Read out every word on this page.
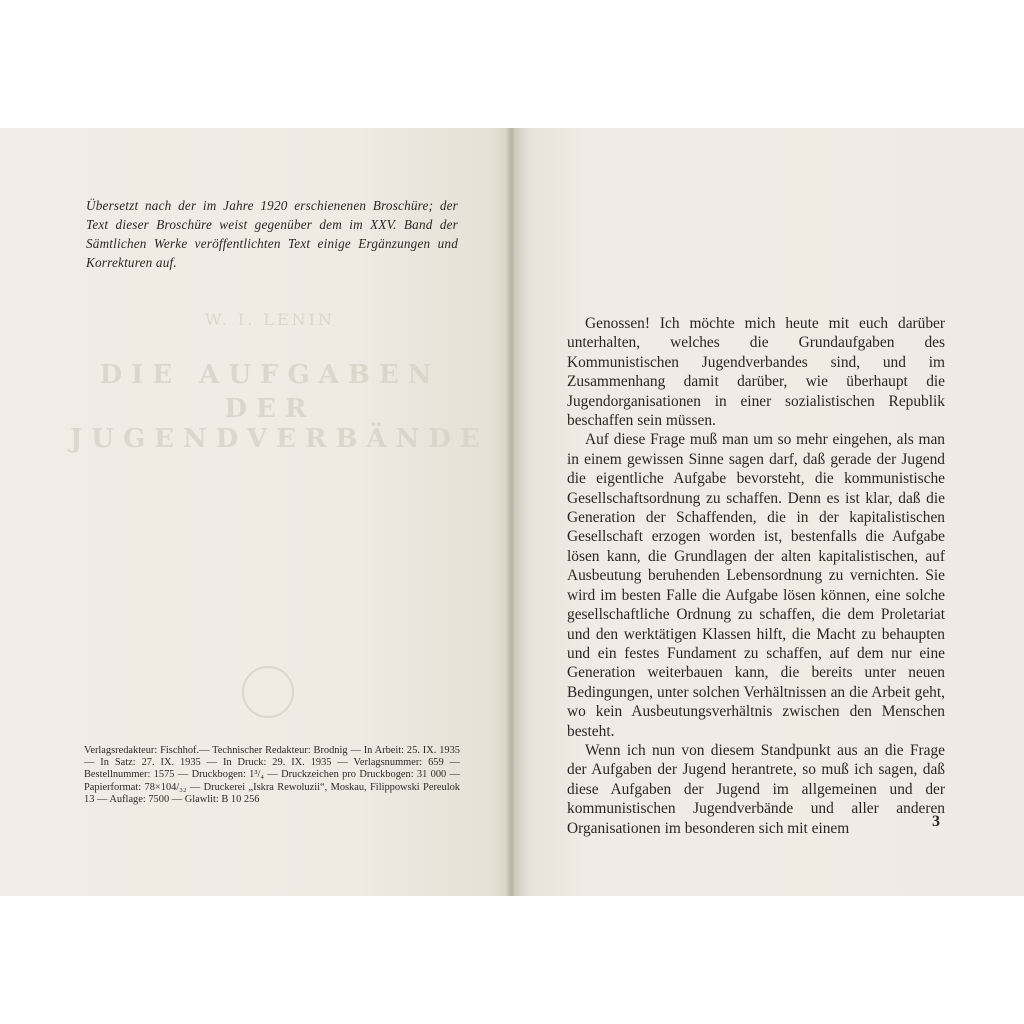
Übersetzt nach der im Jahre 1920 erschienenen Broschüre; der Text dieser Broschüre weist gegenüber dem im XXV. Band der Sämtlichen Werke veröffentlichten Text einige Ergänzungen und Korrekturen auf.
W. I. LENIN
DIE AUFGABEN
DER JUGENDVERBÄNDE
Verlagsredakteur: Fischhof.— Technischer Redakteur: Brodnig — In Arbeit: 25. IX. 1935 — In Satz: 27. IX. 1935 — In Druck: 29. IX. 1935 — Verlagsnummer: 659 — Bestellnummer: 1575 — Druckbogen: 1³/₄ — Druckzeichen pro Druckbogen: 31 000 — Papierformat: 78×104/₃₂ — Druckerei „Iskra Rewoluzii“, Moskau, Filippowski Pereulok 13 — Auflage: 7500 — Glawlit: B 10 256

Genossen! Ich möchte mich heute mit euch darüber unterhalten, welches die Grundaufgaben des Kommunistischen Jugendverbandes sind, und im Zusammenhang damit darüber, wie überhaupt die Jugendorganisationen in einer sozialistischen Republik beschaffen sein müssen.

Auf diese Frage muß man um so mehr eingehen, als man in einem gewissen Sinne sagen darf, daß gerade der Jugend die eigentliche Aufgabe bevorsteht, die kommunistische Gesellschaftsordnung zu schaffen. Denn es ist klar, daß die Generation der Schaffenden, die in der kapitalistischen Gesellschaft erzogen worden ist, bestenfalls die Aufgabe lösen kann, die Grundlagen der alten kapitalistischen, auf Ausbeutung beruhenden Lebensordnung zu vernichten. Sie wird im besten Falle die Aufgabe lösen können, eine solche gesellschaftliche Ordnung zu schaffen, die dem Proletariat und den werktätigen Klassen hilft, die Macht zu behaupten und ein festes Fundament zu schaffen, auf dem nur eine Generation weiterbauen kann, die bereits unter neuen Bedingungen, unter solchen Verhältnissen an die Arbeit geht, wo kein Ausbeutungsverhältnis zwischen den Menschen besteht.

Wenn ich nun von diesem Standpunkt aus an die Frage der Aufgaben der Jugend herantrete, so muß ich sagen, daß diese Aufgaben der Jugend im allgemeinen und der kommunistischen Jugendverbände und aller anderen Organisationen im besonderen sich mit einem	3
